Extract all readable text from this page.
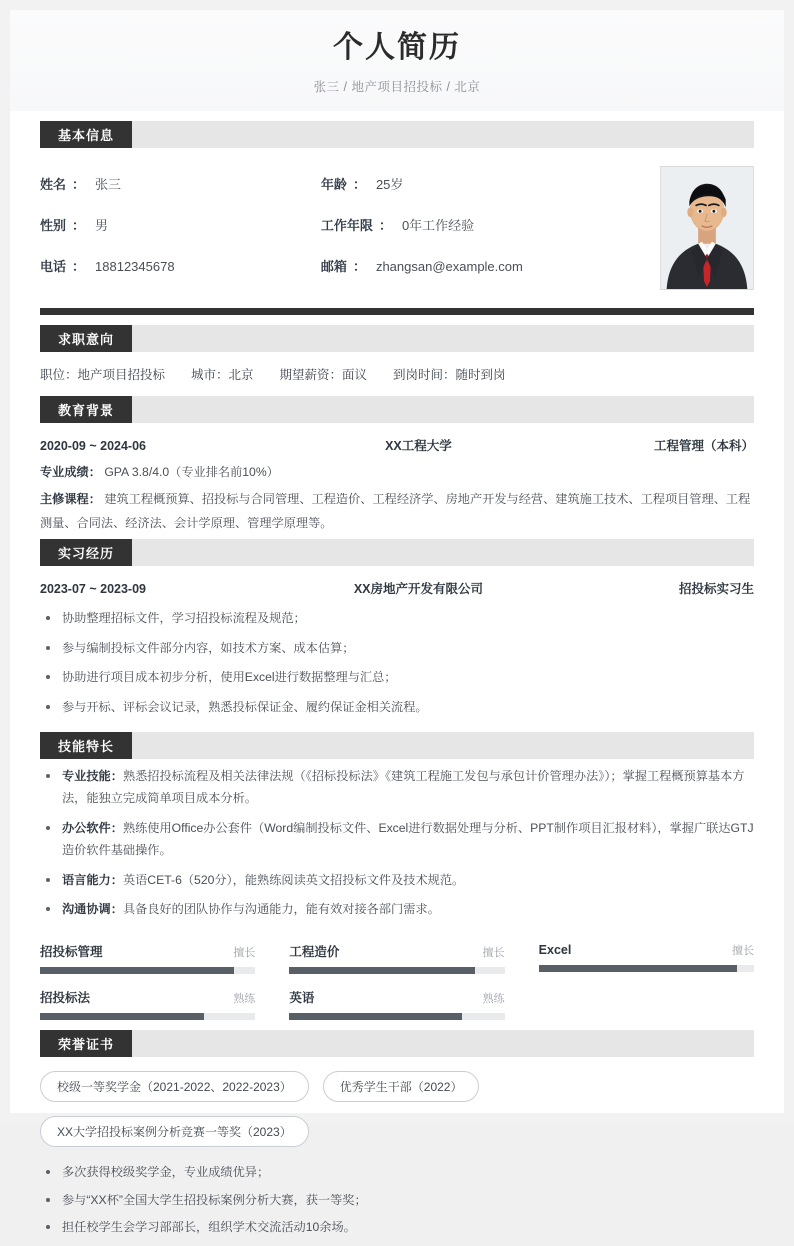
个人简历
张三 / 地产项目招投标 / 北京
基本信息
姓名 ： 张三	年龄 ： 25岁
性别 ： 男	工作年限 ： 0年工作经验
电话 ： 18812345678	邮箱 ： zhangsan@example.com
求职意向
职位：地产项目招投标 城市：北京 期望薪资：面议 到岗时间：随时到岗
教育背景
2020-09 ~ 2024-06	XX工程大学	工程管理（本科）
专业成绩： GPA 3.8/4.0（专业排名前10%）
主修课程： 建筑工程概预算、招投标与合同管理、工程造价、工程经济学、房地产开发与经营、建筑施工技术、工程项目管理、工程测量、合同法、经济法、会计学原理、管理学原理等。
实习经历
2023-07 ~ 2023-09	XX房地产开发有限公司	招投标实习生
协助整理招标文件，学习招投标流程及规范；
参与编制投标文件部分内容，如技术方案、成本估算；
协助进行项目成本初步分析，使用Excel进行数据整理与汇总；
参与开标、评标会议记录，熟悉投标保证金、履约保证金相关流程。
技能特长
专业技能：熟悉招投标流程及相关法律法规（《招标投标法》《建筑工程施工发包与承包计价管理办法》）；掌握工程概预算基本方法，能独立完成简单项目成本分析。
办公软件：熟练使用Office办公套件（Word编制投标文件、Excel进行数据处理与分析、PPT制作项目汇报材料），掌握广联达GTJ造价软件基础操作。
语言能力：英语CET-6（520分），能熟练阅读英文招投标文件及技术规范。
沟通协调：具备良好的团队协作与沟通能力，能有效对接各部门需求。
招投标管理	擅长	工程造价	擅长	Excel	擅长
招投标法	熟练	英语	熟练
荣誉证书
校级一等奖学金（2021-2022、2022-2023）	优秀学生干部（2022）
XX大学招投标案例分析竞赛一等奖（2023）
多次获得校级奖学金，专业成绩优异；
参与“XX杯”全国大学生招投标案例分析大赛，获一等奖；
担任校学生会学习部部长，组织学术交流活动10余场。
